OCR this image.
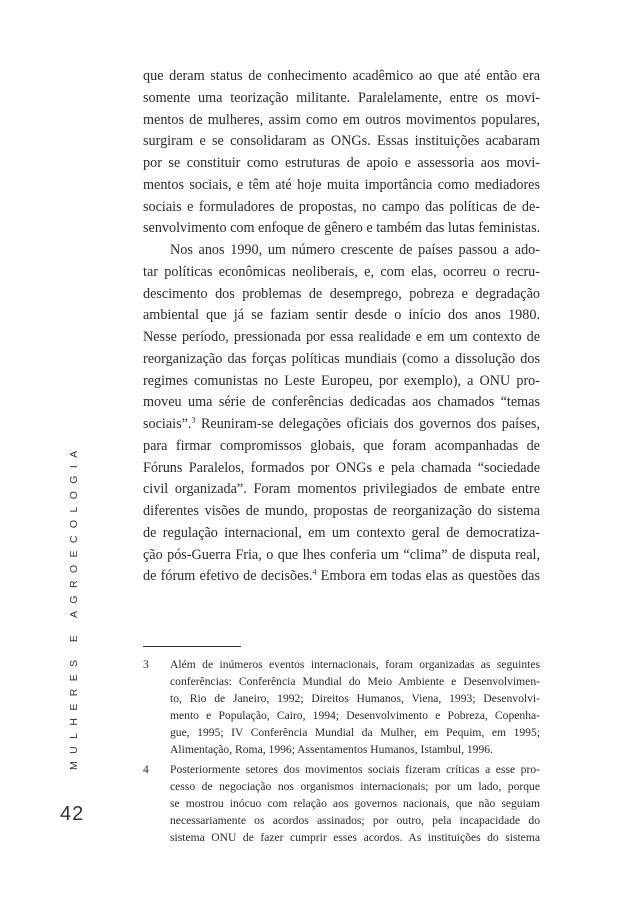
que deram status de conhecimento acadêmico ao que até então era
somente uma teorização militante. Paralelamente, entre os movi-
mentos de mulheres, assim como em outros movimentos populares,
surgiram e se consolidaram as ONGs. Essas instituições acabaram
por se constituir como estruturas de apoio e assessoria aos movi-
mentos sociais, e têm até hoje muita importância como mediadores
sociais e formuladores de propostas, no campo das políticas de de-
senvolvimento com enfoque de gênero e também das lutas feministas.
Nos anos 1990, um número crescente de países passou a ado-
tar políticas econômicas neoliberais, e, com elas, ocorreu o recru-
descimento dos problemas de desemprego, pobreza e degradação
ambiental que já se faziam sentir desde o início dos anos 1980.
Nesse período, pressionada por essa realidade e em um contexto de
reorganização das forças políticas mundiais (como a dissolução dos
regimes comunistas no Leste Europeu, por exemplo), a ONU pro-
moveu uma série de conferências dedicadas aos chamados “temas
sociais”.$^3$ Reuniram-se delegações oficiais dos governos dos países,
para firmar compromissos globais, que foram acompanhadas de
Fóruns Paralelos, formados por ONGs e pela chamada “sociedade
civil organizada”. Foram momentos privilegiados de embate entre
diferentes visões de mundo, propostas de reorganização do sistema
de regulação internacional, em um contexto geral de democratiza-
ção pós-Guerra Fria, o que lhes conferia um “clima” de disputa real,
de fórum efetivo de decisões.$^4$ Embora em todas elas as questões das
3 Além de inúmeros eventos internacionais, foram organizadas as seguintes
conferências: Conferência Mundial do Meio Ambiente e Desenvolvimen-
to, Rio de Janeiro, 1992; Direitos Humanos, Viena, 1993; Desenvolvi-
mento e População, Cairo, 1994; Desenvolvimento e Pobreza, Copenha-
gue, 1995; IV Conferência Mundial da Mulher, em Pequim, em 1995;
Alimentação, Roma, 1996; Assentamentos Humanos, Istambul, 1996.
4 Posteriormente setores dos movimentos sociais fizeram críticas a esse pro-
cesso de negociação nos organismos internacionais; por um lado, porque
se mostrou inócuo com relação aos governos nacionais, que não seguiam
necessariamente os acordos assinados; por outro, pela incapacidade do
sistema ONU de fazer cumprir esses acordos. As instituições do sistema
MULHERES E AGROECOLOGIA
42
